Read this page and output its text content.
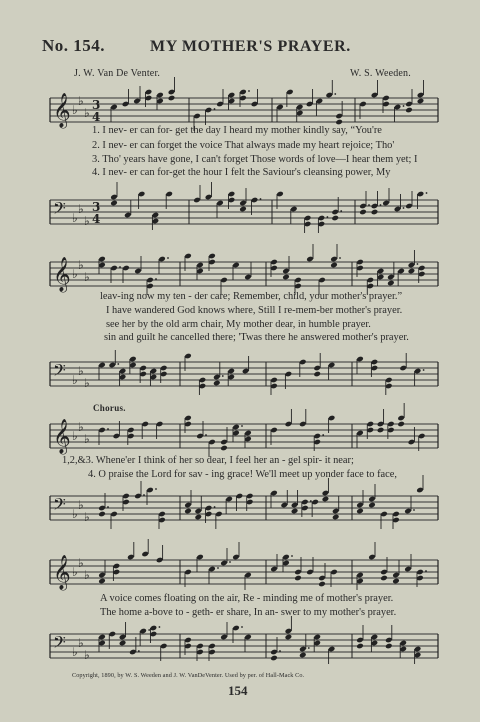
No. 154.	MY MOTHER'S PRAYER.
J. W. Van De Venter.	W. S. Weeden.
𝄞 ♭
♭
♭
3
4
1. I nev- er can for- get the day I heard my mother kindly say, “You're
2. I nev- er can forget the voice That always made my heart rejoice; Tho'
3. Tho' years have gone, I can't forget Those words of love—I hear them yet; I
4. I nev- er can for-get the hour I felt the Saviour's cleansing power, My
𝄢 ♭
♭
♭
3
4
𝄞 ♭
♭
♭
leav-ing now my ten - der care; Remember, child, your mother's prayer.”
I have wandered God knows where, Still I re-mem-ber mother's prayer.
see her by the old arm chair, My mother dear, in humble prayer.
sin and guilt he cancelled there; 'Twas there he answered mother's prayer.
𝄢 ♭
♭
♭
Chorus.
𝄞 ♭
♭
♭
1,2,&3. Whene'er I think of her so dear, I feel her an - gel spir- it near;
4. O praise the Lord for sav - ing grace! We'll meet up yonder face to face,
𝄢 ♭
♭
♭
𝄞 ♭
♭
♭
A voice comes floating on the air, Re - minding me of mother's prayer.
The home a-bove to - geth- er share, In an- swer to my mother's prayer.
𝄢 ♭
♭
♭
Copyright, 1890, by W. S. Weeden and J. W. VanDeVenter. Used by per. of Hall-Mack Co.
154
